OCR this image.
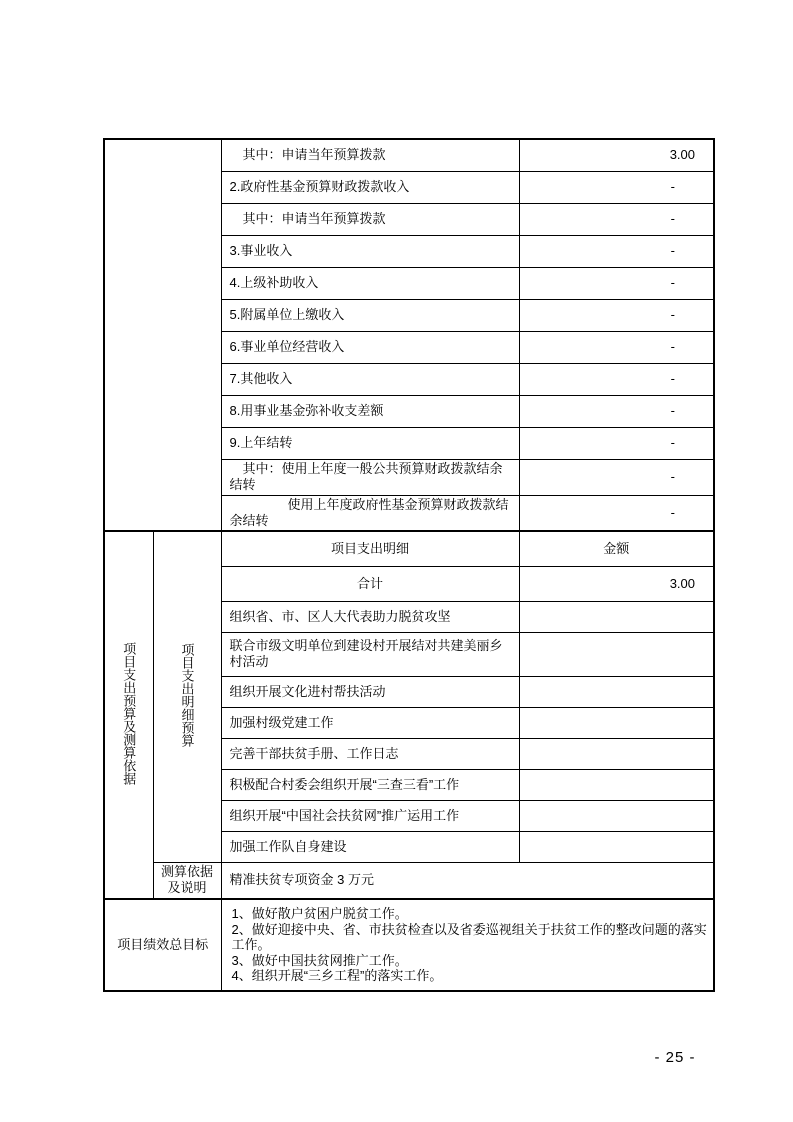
		其中：申请当年预算拨款	3.00
		2.政府性基金预算财政拨款收入	-
		其中：申请当年预算拨款	-
		3.事业收入	-
		4.上级补助收入	-
		5.附属单位上缴收入	-
		6.事业单位经营收入	-
		7.其他收入	-
		8.用事业基金弥补收支差额	-
		9.上年结转	-
		其中：使用上年度一般公共预算财政拨款结余结转	-
		使用上年度政府性基金预算财政拨款结余结转	-
项目支出预算及测算依据	项目支出明细预算	项目支出明细	金额
		合计	3.00
		组织省、市、区人大代表助力脱贫攻坚	
		联合市级文明单位到建设村开展结对共建美丽乡村活动	
		组织开展文化进村帮扶活动	
		加强村级党建工作	
		完善干部扶贫手册、工作日志	
		积极配合村委会组织开展“三查三看”工作	
		组织开展“中国社会扶贫网”推广运用工作	
		加强工作队自身建设	
	测算依据及说明	精准扶贫专项资金 3 万元	
项目绩效总目标		1、做好散户贫困户脱贫工作。
2、做好迎接中央、省、市扶贫检查以及省委巡视组关于扶贫工作的整改问题的落实工作。
3、做好中国扶贫网推广工作。
4、组织开展“三乡工程”的落实工作。	
- 25 -
